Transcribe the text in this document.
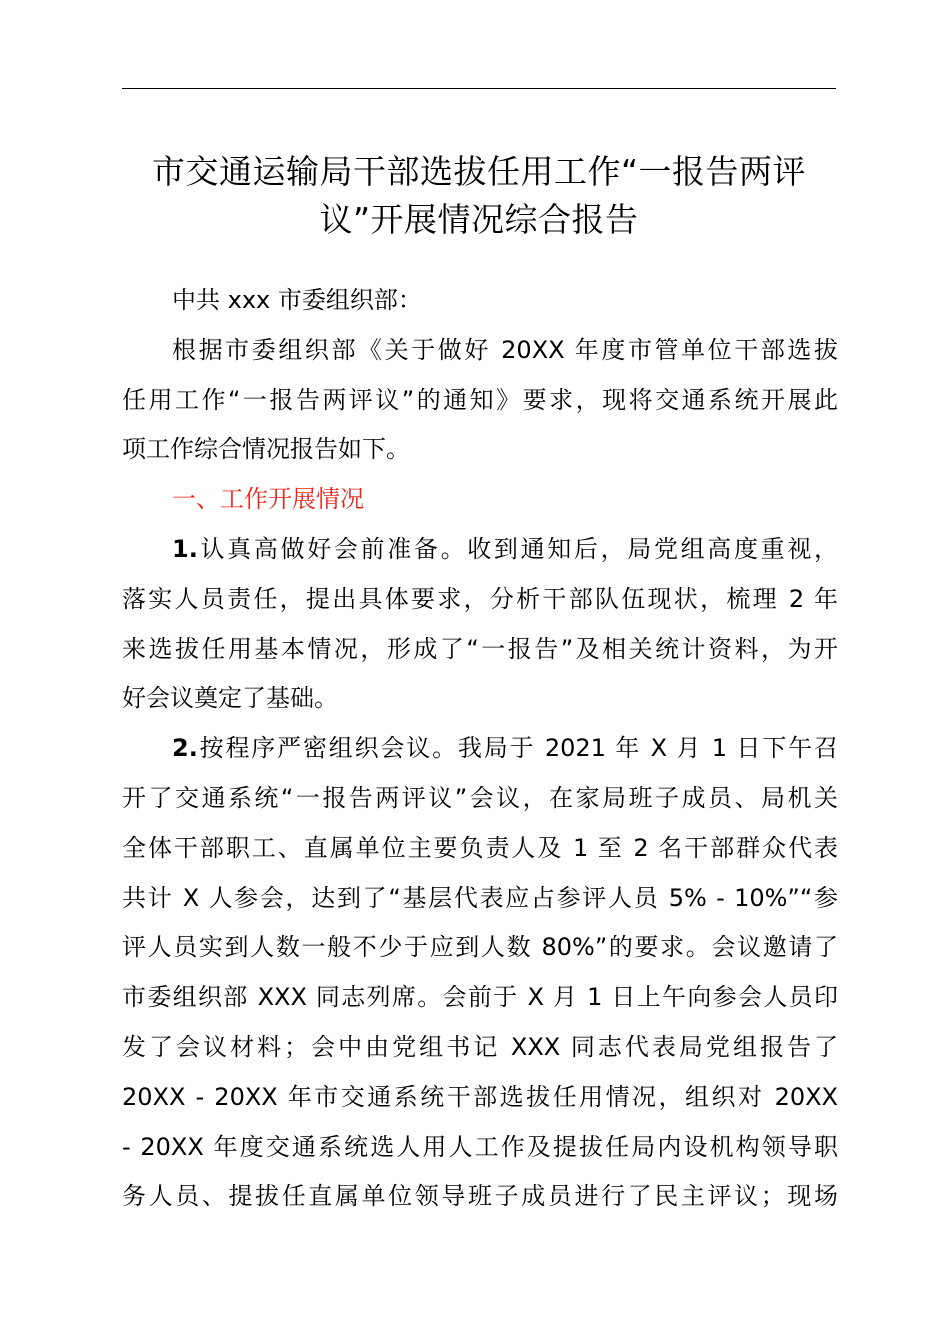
市交通运输局干部选拔任用工作“一报告两评
议”开展情况综合报告

中共 xxx 市委组织部：

根据市委组织部《关于做好 20XX 年度市管单位干部选拔
任用工作“一报告两评议”的通知》要求，现将交通系统开展此
项工作综合情况报告如下。

一、工作开展情况

1.认真高做好会前准备。收到通知后，局党组高度重视，
落实人员责任，提出具体要求，分析干部队伍现状，梳理 2 年
来选拔任用基本情况，形成了“一报告”及相关统计资料，为开
好会议奠定了基础。

2.按程序严密组织会议。我局于 2021 年 X 月 1 日下午召
开了交通系统“一报告两评议”会议，在家局班子成员、局机关
全体干部职工、直属单位主要负责人及 1 至 2 名干部群众代表
共计 X 人参会，达到了“基层代表应占参评人员 5% - 10%”“参
评人员实到人数一般不少于应到人数 80%”的要求。会议邀请了
市委组织部 XXX 同志列席。会前于 X 月 1 日上午向参会人员印
发了会议材料；会中由党组书记 XXX 同志代表局党组报告了
20XX - 20XX 年市交通系统干部选拔任用情况，组织对 20XX
- 20XX 年度交通系统选人用人工作及提拔任局内设机构领导职
务人员、提拔任直属单位领导班子成员进行了民主评议；现场
